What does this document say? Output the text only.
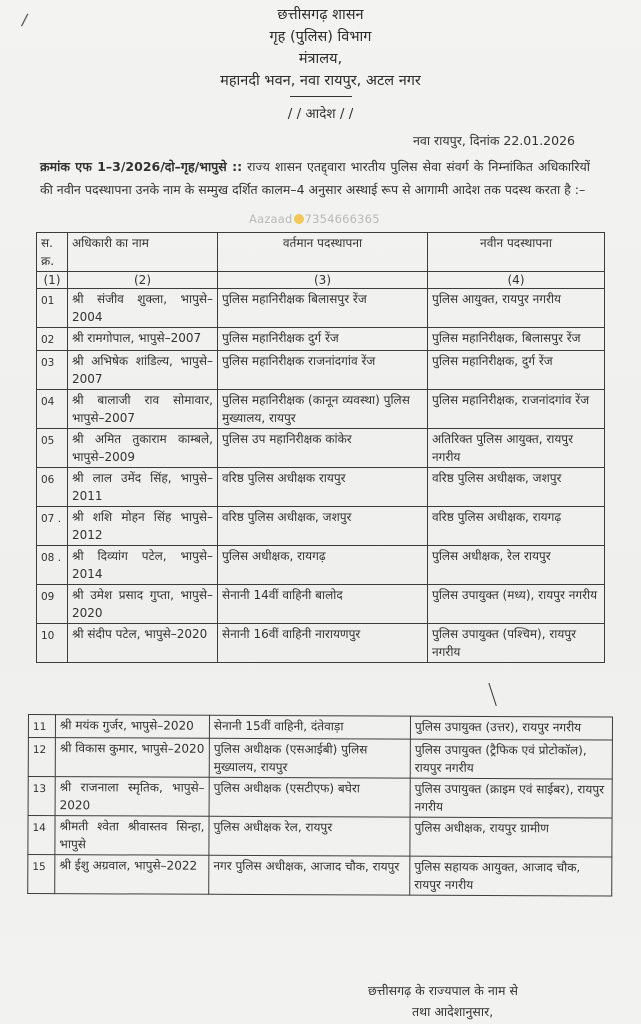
/	छत्तीसगढ़ शासन
गृह (पुलिस) विभाग
मंत्रालय,
महानदी भवन, नवा रायपुर, अटल नगर
/ / आदेश / /
नवा रायपुर, दिनांक 22.01.2026
क्रमांक एफ 1–3/2026/दो–गृह/भापुसे :: राज्य शासन एतद्द्वारा भारतीय पुलिस सेवा संवर्ग के निम्नांकित अधिकारियों की नवीन पदस्थापना उनके नाम के सम्मुख दर्शित कालम–4 अनुसार अस्थाई रूप से आगामी आदेश तक पदस्थ करता है :–
Aazaad 7354666365
स. क्र.	अधिकारी का नाम	वर्तमान पदस्थापना	नवीन पदस्थापना
(1)	(2)	(3)	(4)
01	श्री संजीव शुक्ला, भापुसे–2004	पुलिस महानिरीक्षक बिलासपुर रेंज	पुलिस आयुक्त, रायपुर नगरीय
02	श्री रामगोपाल, भापुसे–2007	पुलिस महानिरीक्षक दुर्ग रेंज	पुलिस महानिरीक्षक, बिलासपुर रेंज
03	श्री अभिषेक शांडिल्य, भापुसे–2007	पुलिस महानिरीक्षक राजनांदगांव रेंज	पुलिस महानिरीक्षक, दुर्ग रेंज
04	श्री बालाजी राव सोमावार, भापुसे–2007	पुलिस महानिरीक्षक (कानून व्यवस्था) पुलिस मुख्यालय, रायपुर	पुलिस महानिरीक्षक, राजनांदगांव रेंज
05	श्री अमित तुकाराम काम्बले, भापुसे–2009	पुलिस उप महानिरीक्षक कांकेर	अतिरिक्त पुलिस आयुक्त, रायपुर नगरीय
06	श्री लाल उमेंद सिंह, भापुसे–2011	वरिष्ठ पुलिस अधीक्षक रायपुर	वरिष्ठ पुलिस अधीक्षक, जशपुर
07 .	श्री शशि मोहन सिंह भापुसे– 2012	वरिष्ठ पुलिस अधीक्षक, जशपुर	वरिष्ठ पुलिस अधीक्षक, रायगढ़
08 .	श्री दिव्यांग पटेल, भापुसे–2014	पुलिस अधीक्षक, रायगढ़	पुलिस अधीक्षक, रेल रायपुर
09	श्री उमेश प्रसाद गुप्ता, भापुसे–2020	सेनानी 14वीं वाहिनी बालोद	पुलिस उपायुक्त (मध्य), रायपुर नगरीय
10	श्री संदीप पटेल, भापुसे–2020	सेनानी 16वीं वाहिनी नारायणपुर	पुलिस उपायुक्त (पश्चिम), रायपुर नगरीय
11	श्री मयंक गुर्जर, भापुसे–2020	सेनानी 15वीं वाहिनी, दंतेवाड़ा	पुलिस उपायुक्त (उत्तर), रायपुर नगरीय
12	श्री विकास कुमार, भापुसे–2020	पुलिस अधीक्षक (एसआईबी) पुलिस मुख्यालय, रायपुर	पुलिस उपायुक्त (ट्रैफिक एवं प्रोटोकॉल), रायपुर नगरीय
13	श्री राजनाला स्मृतिक, भापुसे–2020	पुलिस अधीक्षक (एसटीएफ) बघेरा	पुलिस उपायुक्त (क्राइम एवं साईबर), रायपुर नगरीय
14	श्रीमती श्वेता श्रीवास्तव सिन्हा, भापुसे	पुलिस अधीक्षक रेल, रायपुर	पुलिस अधीक्षक, रायपुर ग्रामीण
15	श्री ईशु अग्रवाल, भापुसे–2022	नगर पुलिस अधीक्षक, आजाद चौक, रायपुर	पुलिस सहायक आयुक्त, आजाद चौक, रायपुर नगरीय
छत्तीसगढ़ के राज्यपाल के नाम से
तथा आदेशानुसार,
